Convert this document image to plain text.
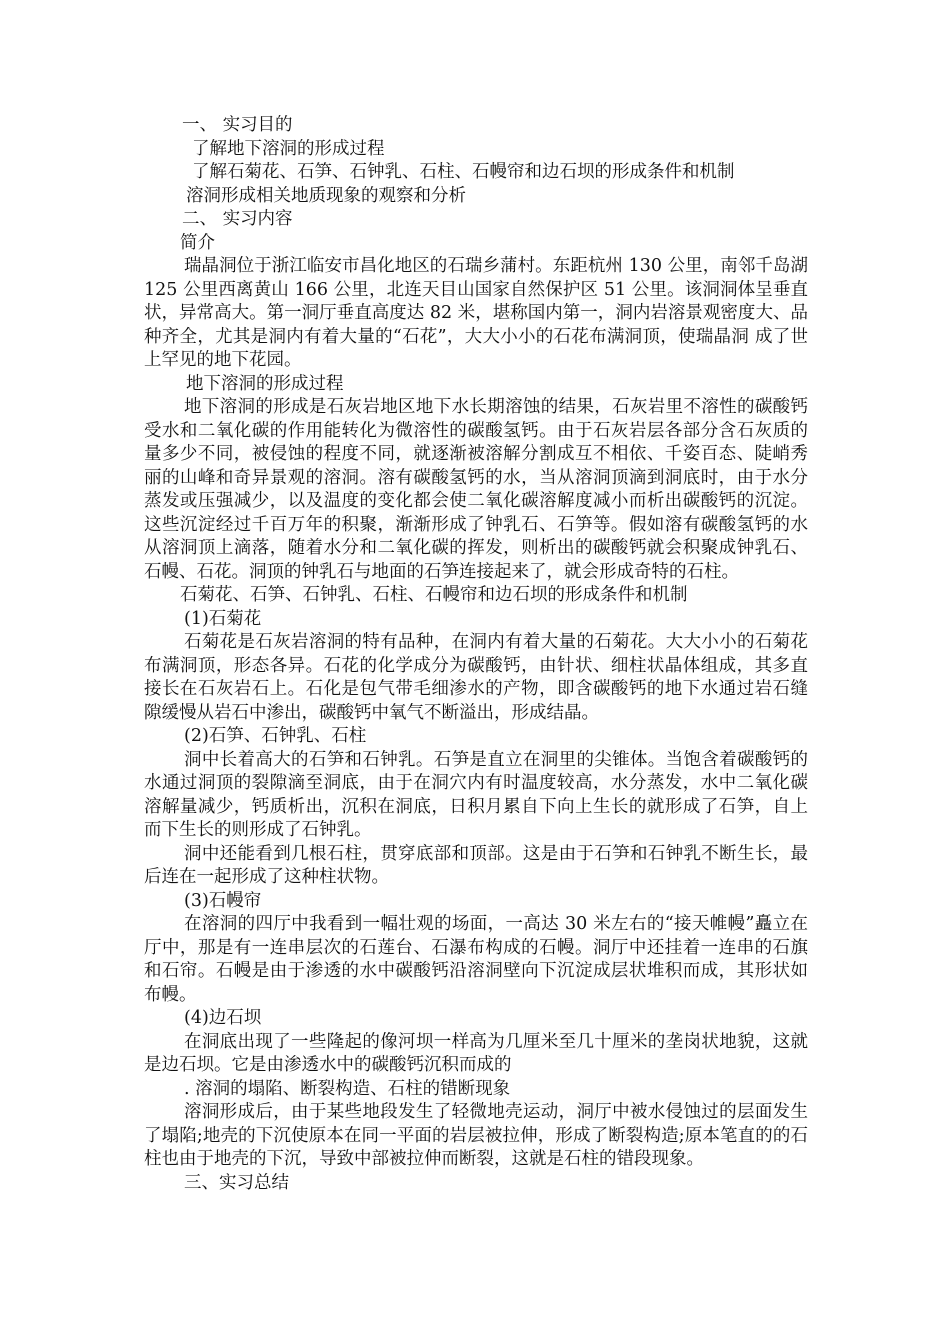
一、 实习目的
了解地下溶洞的形成过程
了解石菊花、石笋、石钟乳、石柱、石幔帘和边石坝的形成条件和机制
溶洞形成相关地质现象的观察和分析
二、 实习内容
简介

瑞晶洞位于浙江临安市昌化地区的石瑞乡蒲村。东距杭州 130 公里，南邻千岛湖 125 公里西离黄山 166 公里，北连天目山国家自然保护区 51 公里。该洞洞体呈垂直状，异常高大。第一洞厅垂直高度达 82 米，堪称国内第一，洞内岩溶景观密度大、品种齐全，尤其是洞内有着大量的“石花”，大大小小的石花布满洞顶，使瑞晶洞 成了世上罕见的地下花园。

地下溶洞的形成过程

地下溶洞的形成是石灰岩地区地下水长期溶蚀的结果，石灰岩里不溶性的碳酸钙受水和二氧化碳的作用能转化为微溶性的碳酸氢钙。由于石灰岩层各部分含石灰质的量多少不同，被侵蚀的程度不同，就逐渐被溶解分割成互不相依、千姿百态、陡峭秀丽的山峰和奇异景观的溶洞。溶有碳酸氢钙的水，当从溶洞顶滴到洞底时，由于水分蒸发或压强减少，以及温度的变化都会使二氧化碳溶解度减小而析出碳酸钙的沉淀。这些沉淀经过千百万年的积聚，渐渐形成了钟乳石、石笋等。假如溶有碳酸氢钙的水从溶洞顶上滴落，随着水分和二氧化碳的挥发，则析出的碳酸钙就会积聚成钟乳石、石幔、石花。洞顶的钟乳石与地面的石笋连接起来了，就会形成奇特的石柱。

石菊花、石笋、石钟乳、石柱、石幔帘和边石坝的形成条件和机制
(1)石菊花

石菊花是石灰岩溶洞的特有品种，在洞内有着大量的石菊花。大大小小的石菊花布满洞顶，形态各异。石花的化学成分为碳酸钙，由针状、细柱状晶体组成，其多直接长在石灰岩石上。石化是包气带毛细渗水的产物，即含碳酸钙的地下水通过岩石缝隙缓慢从岩石中渗出，碳酸钙中氧气不断溢出，形成结晶。

(2)石笋、石钟乳、石柱

洞中长着高大的石笋和石钟乳。石笋是直立在洞里的尖锥体。当饱含着碳酸钙的水通过洞顶的裂隙滴至洞底，由于在洞穴内有时温度较高，水分蒸发，水中二氧化碳溶解量减少，钙质析出，沉积在洞底，日积月累自下向上生长的就形成了石笋，自上而下生长的则形成了石钟乳。

洞中还能看到几根石柱，贯穿底部和顶部。这是由于石笋和石钟乳不断生长，最后连在一起形成了这种柱状物。

(3)石幔帘

在溶洞的四厅中我看到一幅壮观的场面，一高达 30 米左右的“接天帷幔”矗立在厅中，那是有一连串层次的石莲台、石瀑布构成的石幔。洞厅中还挂着一连串的石旗和石帘。石幔是由于渗透的水中碳酸钙沿溶洞壁向下沉淀成层状堆积而成，其形状如布幔。

(4)边石坝

在洞底出现了一些隆起的像河坝一样高为几厘米至几十厘米的垄岗状地貌，这就是边石坝。它是由渗透水中的碳酸钙沉积而成的

. 溶洞的塌陷、断裂构造、石柱的错断现象

溶洞形成后，由于某些地段发生了轻微地壳运动，洞厅中被水侵蚀过的层面发生了塌陷;地壳的下沉使原本在同一平面的岩层被拉伸，形成了断裂构造;原本笔直的的石柱也由于地壳的下沉，导致中部被拉伸而断裂，这就是石柱的错段现象。

三、实习总结
